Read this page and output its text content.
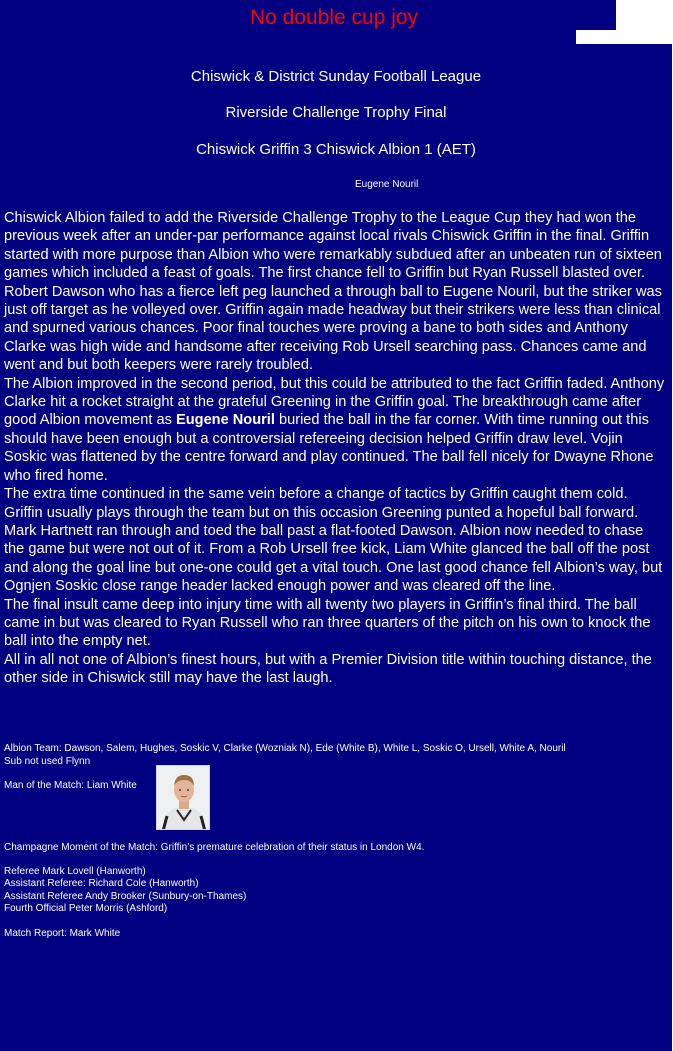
No double cup joy
Chiswick & District Sunday Football League
Riverside Challenge Trophy Final
Chiswick Griffin 3 Chiswick Albion 1 (AET)
Eugene Nouril

Chiswick Albion failed to add the Riverside Challenge Trophy to the League Cup they had won the previous week after an under-par performance against local rivals Chiswick Griffin in the final. Griffin started with more purpose than Albion who were remarkably subdued after an unbeaten run of sixteen games which included a feast of goals. The first chance fell to Griffin but Ryan Russell blasted over. Robert Dawson who has a fierce left peg launched a through ball to Eugene Nouril, but the striker was just off target as he volleyed over. Griffin again made headway but their strikers were less than clinical and spurned various chances. Poor final touches were proving a bane to both sides and Anthony Clarke was high wide and handsome after receiving Rob Ursell searching pass. Chances came and went and but both keepers were rarely troubled.

The Albion improved in the second period, but this could be attributed to the fact Griffin faded. Anthony Clarke hit a rocket straight at the grateful Greening in the Griffin goal. The breakthrough came after good Albion movement as Eugene Nouril buried the ball in the far corner. With time running out this should have been enough but a controversial refereeing decision helped Griffin draw level. Vojin Soskic was flattened by the centre forward and play continued. The ball fell nicely for Dwayne Rhone who fired home.

The extra time continued in the same vein before a change of tactics by Griffin caught them cold. Griffin usually plays through the team but on this occasion Greening punted a hopeful ball forward. Mark Hartnett ran through and toed the ball past a flat-footed Dawson. Albion now needed to chase the game but were not out of it. From a Rob Ursell free kick, Liam White glanced the ball off the post and along the goal line but one-one could get a vital touch. One last good chance fell Albion’s way, but Ognjen Soskic close range header lacked enough power and was cleared off the line.

The final insult came deep into injury time with all twenty two players in Griffin’s final third. The ball came in but was cleared to Ryan Russell who ran three quarters of the pitch on his own to knock the ball into the empty net.

All in all not one of Albion’s finest hours, but with a Premier Division title within touching distance, the other side in Chiswick still may have the last laugh.

Albion Team: Dawson, Salem, Hughes, Soskic V, Clarke (Wozniak N), Ede (White B), White L, Soskic O, Ursell, White A, Nouril
Sub not used Flynn
Man of the Match: Liam White
Champagne Moment of the Match: Griffin’s premature celebration of their status in London W4.
Referee Mark Lovell (Hanworth)
Assistant Referee: Richard Cole (Hanworth)
Assistant Referee Andy Brooker (Sunbury-on-Thames)
Fourth Official Peter Morris (Ashford)
Match Report: Mark White
